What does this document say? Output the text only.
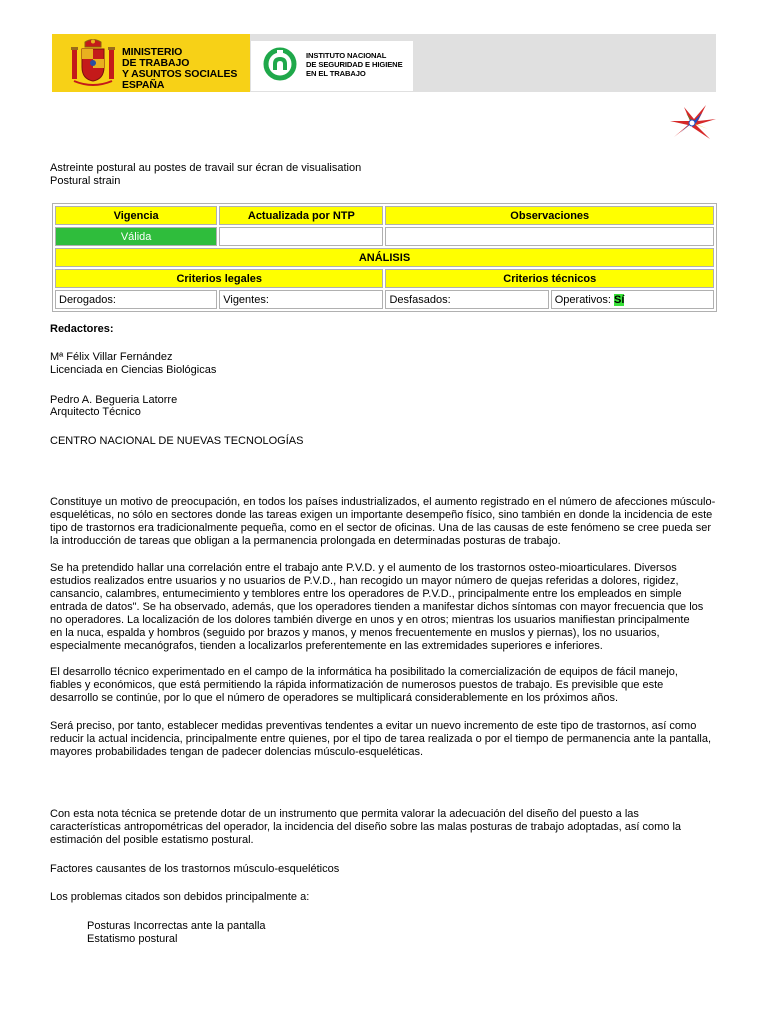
MINISTERIO
DE TRABAJO
Y ASUNTOS SOCIALES
ESPAÑA
INSTITUTO NACIONAL
DE SEGURIDAD E HIGIENE
EN EL TRABAJO
Astreinte postural au postes de travail sur écran de visualisation
Postural strain
Vigencia	Actualizada por NTP	Observaciones	
Válida			
ANÁLISIS			
Criterios legales		Criterios técnicos	
Derogados:	Vigentes:	Desfasados:	Operativos: Sí
Redactores:
Mª Félix Villar Fernández
Licenciada en Ciencias Biológicas
Pedro A. Begueria Latorre
Arquitecto Técnico
CENTRO NACIONAL DE NUEVAS TECNOLOGÍAS
Constituye un motivo de preocupación, en todos los países industrializados, el aumento registrado en el número de afecciones músculo-
esqueléticas, no sólo en sectores donde las tareas exigen un importante desempeño físico, sino también en donde la incidencia de este
tipo de trastornos era tradicionalmente pequeña, como en el sector de oficinas. Una de las causas de este fenómeno se cree pueda ser
la introducción de tareas que obligan a la permanencia prolongada en determinadas posturas de trabajo.
Se ha pretendido hallar una correlación entre el trabajo ante P.V.D. y el aumento de los trastornos osteo-mioarticulares. Diversos
estudios realizados entre usuarios y no usuarios de P.V.D., han recogido un mayor número de quejas referidas a dolores, rigidez,
cansancio, calambres, entumecimiento y temblores entre los operadores de P.V.D., principalmente entre los empleados en simple
entrada de datos". Se ha observado, además, que los operadores tienden a manifestar dichos síntomas con mayor frecuencia que los
no operadores. La localización de los dolores también diverge en unos y en otros; mientras los usuarios manifiestan principalmente
en la nuca, espalda y hombros (seguido por brazos y manos, y menos frecuentemente en muslos y piernas), los no usuarios,
especialmente mecanógrafos, tienden a localizarlos preferentemente en las extremidades superiores e inferiores.
El desarrollo técnico experimentado en el campo de la informática ha posibilitado la comercialización de equipos de fácil manejo,
fiables y económicos, que está permitiendo la rápida informatización de numerosos puestos de trabajo. Es previsible que este
desarrollo se continúe, por lo que el número de operadores se multiplicará considerablemente en los próximos años.
Será preciso, por tanto, establecer medidas preventivas tendentes a evitar un nuevo incremento de este tipo de trastornos, así como
reducir la actual incidencia, principalmente entre quienes, por el tipo de tarea realizada o por el tiempo de permanencia ante la pantalla,
mayores probabilidades tengan de padecer dolencias músculo-esqueléticas.
Con esta nota técnica se pretende dotar de un instrumento que permita valorar la adecuación del diseño del puesto a las
características antropométricas del operador, la incidencia del diseño sobre las malas posturas de trabajo adoptadas, así como la
estimación del posible estatismo postural.
Factores causantes de los trastornos músculo-esqueléticos
Los problemas citados son debidos principalmente a:
Posturas Incorrectas ante la pantalla
Estatismo postural
